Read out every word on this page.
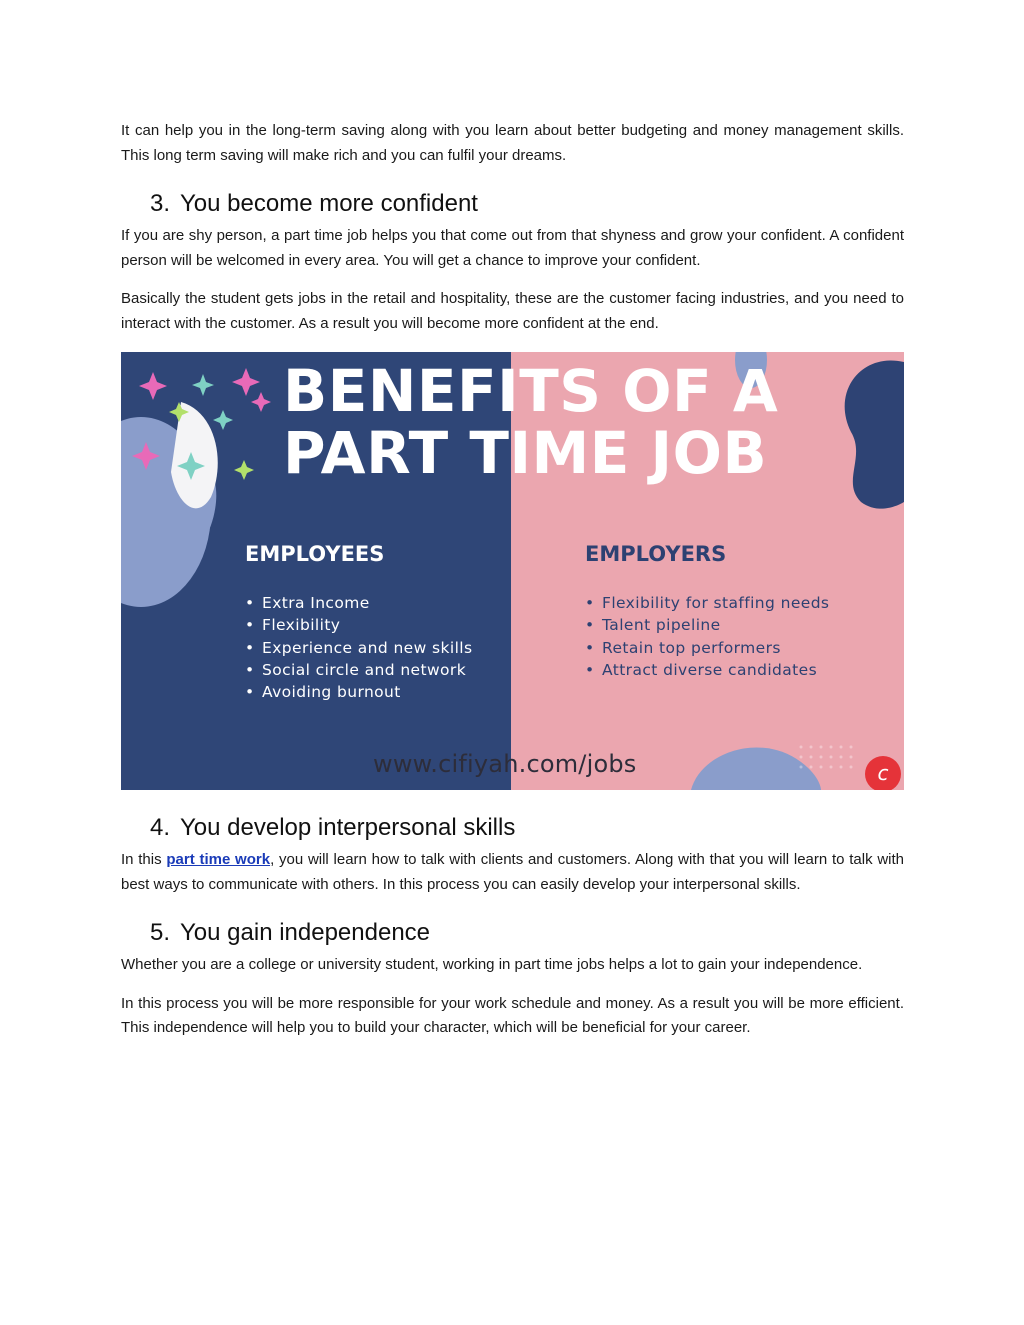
It can help you in the long-term saving along with you learn about better budgeting and money management skills. This long term saving will make rich and you can fulfil your dreams.

3. You become more confident

If you are shy person, a part time job helps you that come out from that shyness and grow your confident. A confident person will be welcomed in every area. You will get a chance to improve your confident.

Basically the student gets jobs in the retail and hospitality, these are the customer facing industries, and you need to interact with the customer. As a result you will become more confident at the end.

BENEFITS OF A
PART TIME JOB
EMPLOYEES
• Extra Income
• Flexibility
• Experience and new skills
• Social circle and network
• Avoiding burnout
EMPLOYERS
• Flexibility for staffing needs
• Talent pipeline
• Retain top performers
• Attract diverse candidates
www.cifiyah.com/jobs	c
4. You develop interpersonal skills

In this part time work, you will learn how to talk with clients and customers. Along with that you will learn to talk with best ways to communicate with others. In this process you can easily develop your interpersonal skills.

5. You gain independence

Whether you are a college or university student, working in part time jobs helps a lot to gain your independence.

In this process you will be more responsible for your work schedule and money. As a result you will be more efficient. This independence will help you to build your character, which will be beneficial for your career.
